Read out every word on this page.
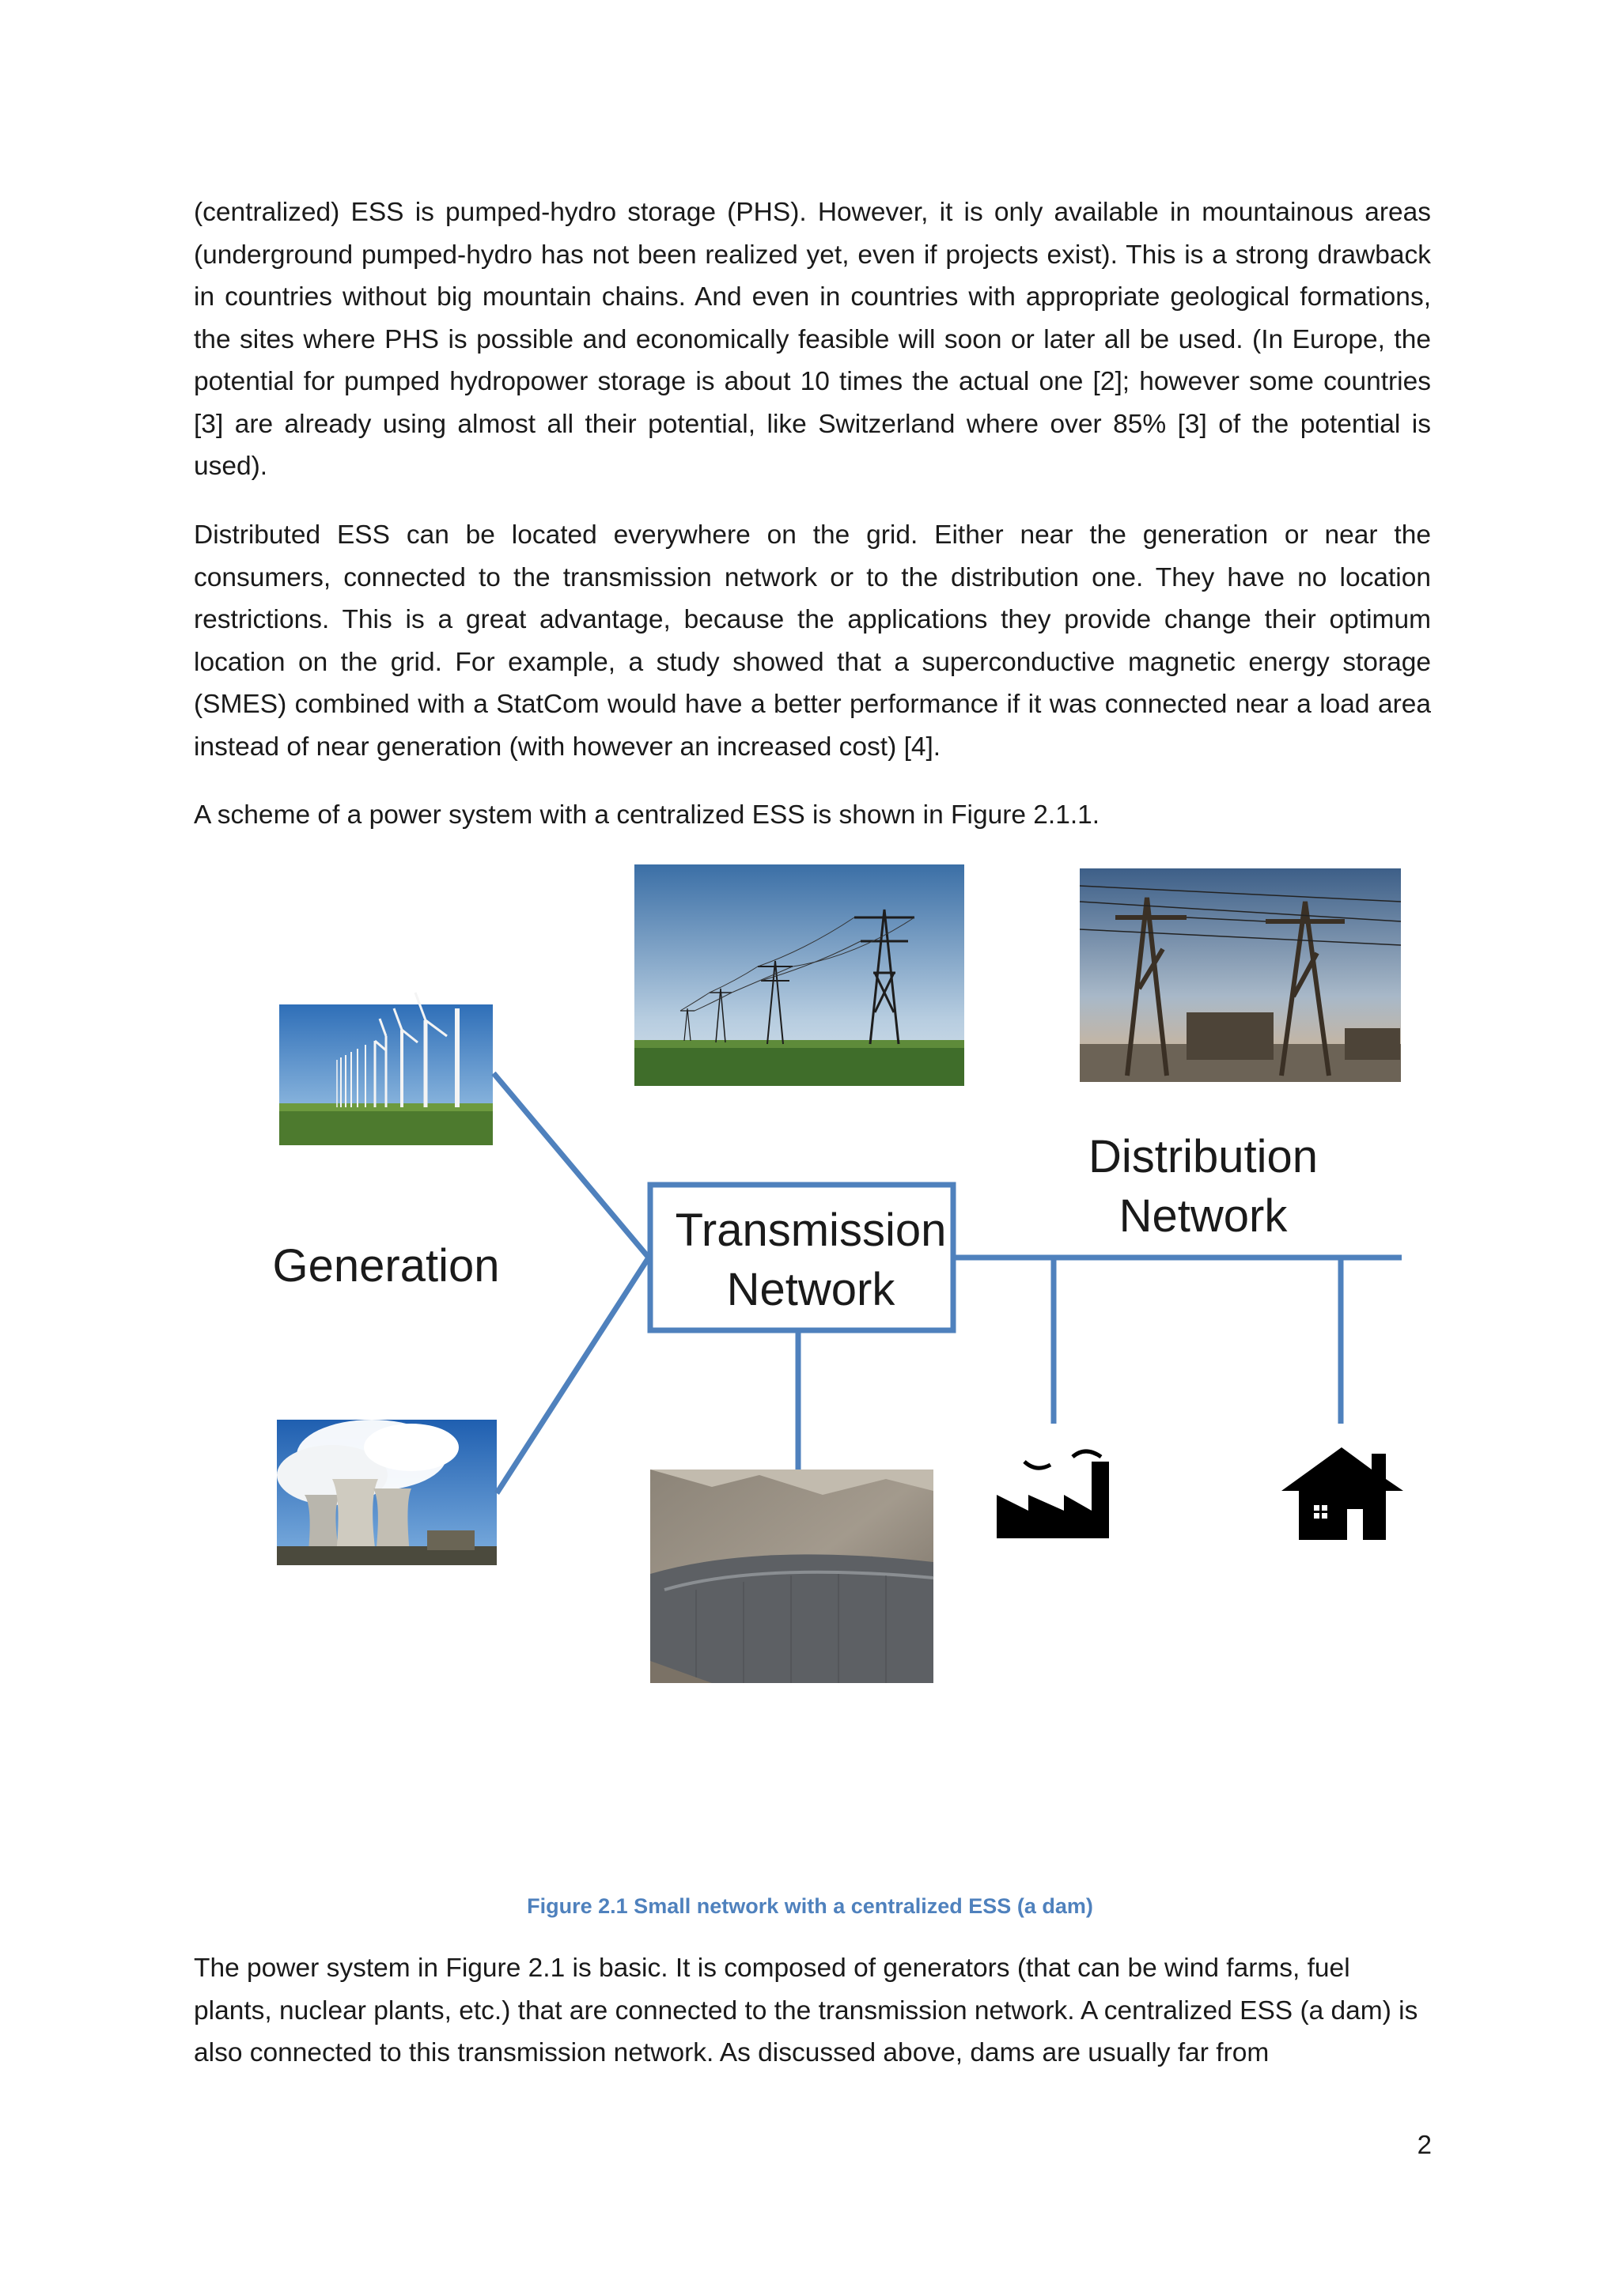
(centralized) ESS is pumped-hydro storage (PHS). However, it is only available in mountainous areas (underground pumped-hydro has not been realized yet, even if projects exist). This is a strong drawback in countries without big mountain chains. And even in countries with appropriate geological formations, the sites where PHS is possible and economically feasible will soon or later all be used. (In Europe, the potential for pumped hydropower storage is about 10 times the actual one [2]; however some countries [3] are already using almost all their potential, like Switzerland where over 85% [3] of the potential is used).

Distributed ESS can be located everywhere on the grid. Either near the generation or near the consumers, connected to the transmission network or to the distribution one. They have no location restrictions. This is a great advantage, because the applications they provide change their optimum location on the grid. For example, a study showed that a superconductive magnetic energy storage (SMES) combined with a StatCom would have a better performance if it was connected near a load area instead of near generation (with however an increased cost) [4].

A scheme of a power system with a centralized ESS is shown in Figure 2.1.1.

Generation
Transmission
Network
Distribution
Network
Figure 2.1 Small network with a centralized ESS (a dam)

The power system in Figure 2.1 is basic. It is composed of generators (that can be wind farms, fuel plants, nuclear plants, etc.) that are connected to the transmission network. A centralized ESS (a dam) is also connected to this transmission network. As discussed above, dams are usually far from

2
